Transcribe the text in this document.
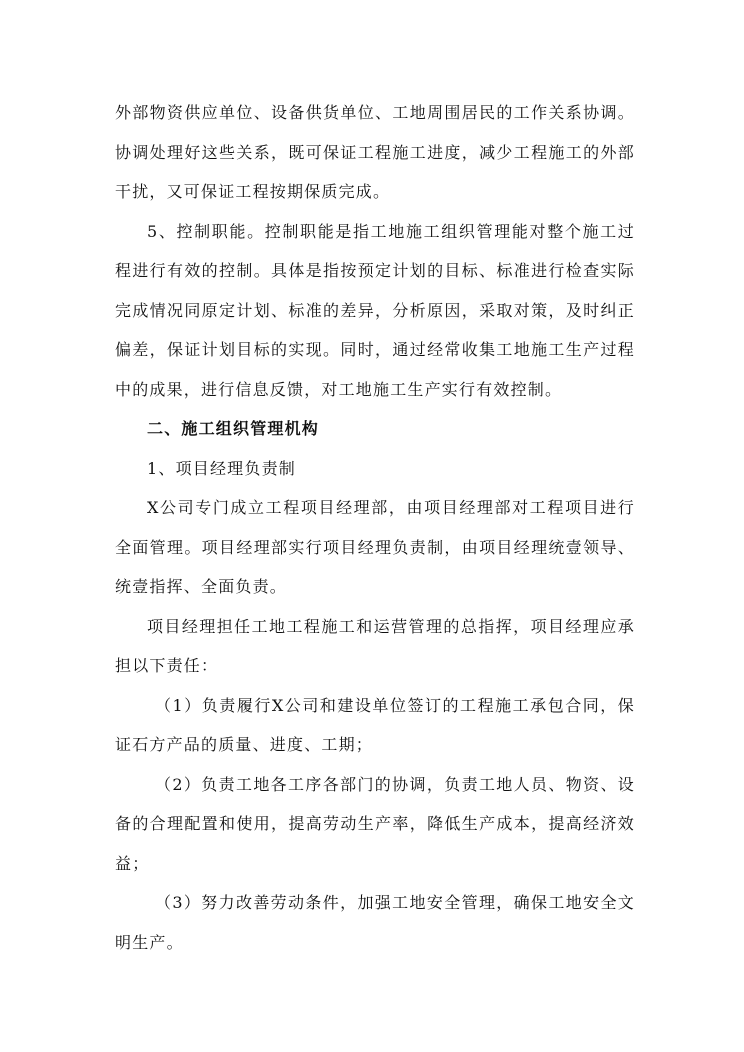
外部物资供应单位、设备供货单位、工地周围居民的工作关系协调。协调处理好这些关系，既可保证工程施工进度，减少工程施工的外部干扰，又可保证工程按期保质完成。

5、控制职能。控制职能是指工地施工组织管理能对整个施工过程进行有效的控制。具体是指按预定计划的目标、标准进行检查实际完成情况同原定计划、标准的差异，分析原因，采取对策，及时纠正偏差，保证计划目标的实现。同时，通过经常收集工地施工生产过程中的成果，进行信息反馈，对工地施工生产实行有效控制。

二、施工组织管理机构

1、项目经理负责制

X公司专门成立工程项目经理部，由项目经理部对工程项目进行全面管理。项目经理部实行项目经理负责制，由项目经理统壹领导、统壹指挥、全面负责。

项目经理担任工地工程施工和运营管理的总指挥，项目经理应承担以下责任：

（1）负责履行X公司和建设单位签订的工程施工承包合同，保证石方产品的质量、进度、工期；

（2）负责工地各工序各部门的协调，负责工地人员、物资、设备的合理配置和使用，提高劳动生产率，降低生产成本，提高经济效益；

（3）努力改善劳动条件，加强工地安全管理，确保工地安全文明生产。
